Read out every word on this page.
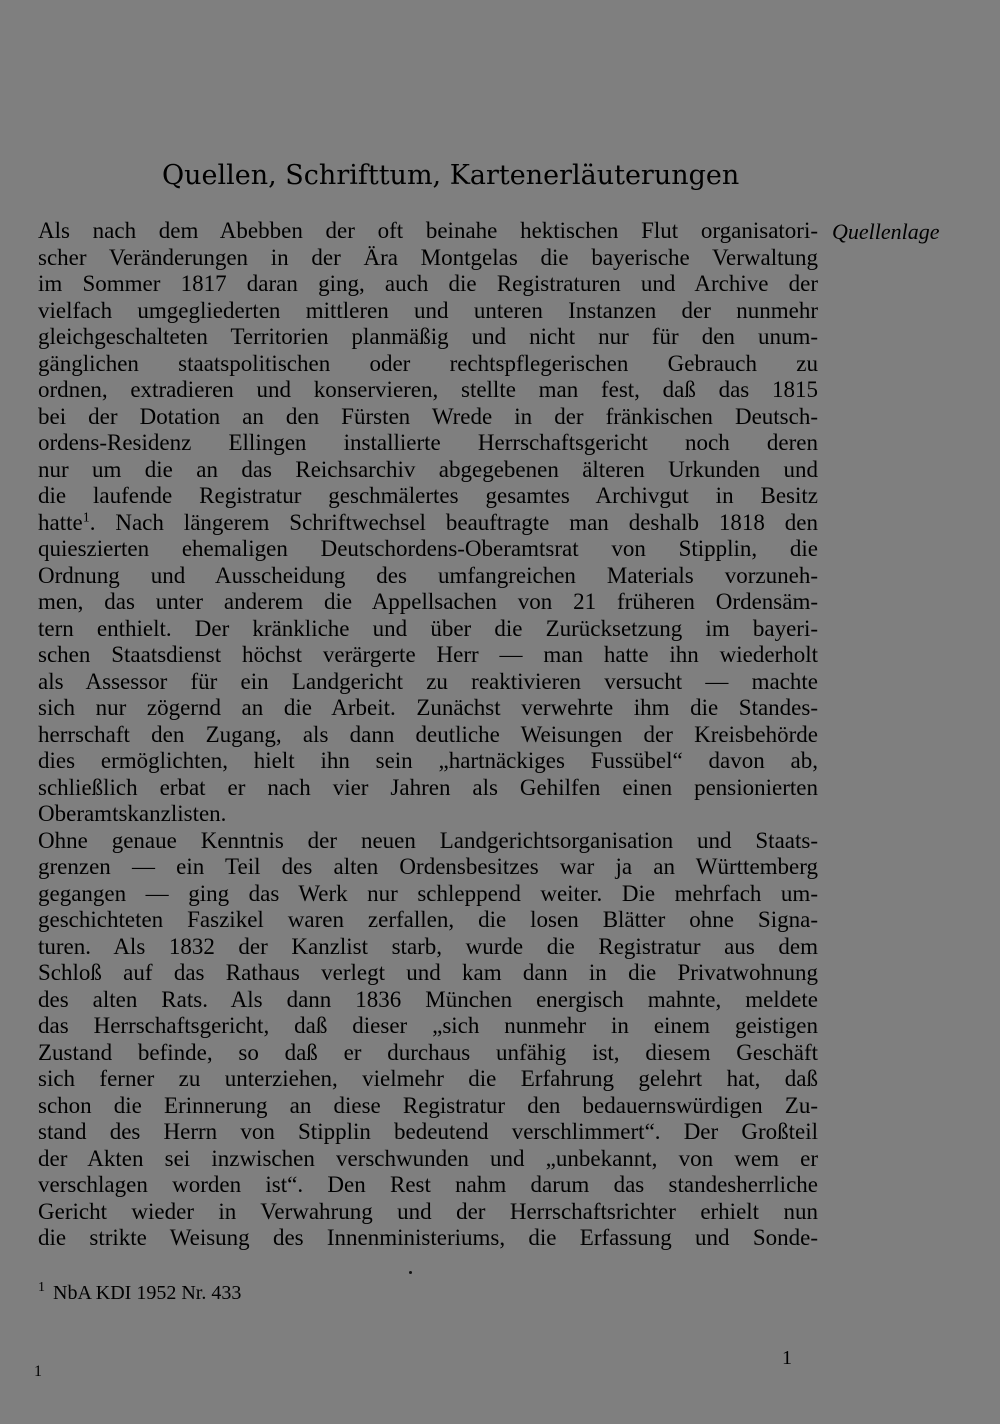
Quellen, Schrifttum, Kartenerläuterungen
Quellenlage
Als nach dem Abebben der oft beinahe hektischen Flut organisatori-
scher Veränderungen in der Ära Montgelas die bayerische Verwaltung
im Sommer 1817 daran ging, auch die Registraturen und Archive der
vielfach umgegliederten mittleren und unteren Instanzen der nunmehr
gleichgeschalteten Territorien planmäßig und nicht nur für den unum-
gänglichen staatspolitischen oder rechtspflegerischen Gebrauch zu
ordnen, extradieren und konservieren, stellte man fest, daß das 1815
bei der Dotation an den Fürsten Wrede in der fränkischen Deutsch-
ordens-Residenz Ellingen installierte Herrschaftsgericht noch deren
nur um die an das Reichsarchiv abgegebenen älteren Urkunden und
die laufende Registratur geschmälertes gesamtes Archivgut in Besitz
hatte$^1$. Nach längerem Schriftwechsel beauftragte man deshalb 1818 den
quieszierten ehemaligen Deutschordens-Oberamtsrat von Stipplin, die
Ordnung und Ausscheidung des umfangreichen Materials vorzuneh-
men, das unter anderem die Appellsachen von 21 früheren Ordensäm-
tern enthielt. Der kränkliche und über die Zurücksetzung im bayeri-
schen Staatsdienst höchst verärgerte Herr — man hatte ihn wiederholt
als Assessor für ein Landgericht zu reaktivieren versucht — machte
sich nur zögernd an die Arbeit. Zunächst verwehrte ihm die Standes-
herrschaft den Zugang, als dann deutliche Weisungen der Kreisbehörde
dies ermöglichten, hielt ihn sein „hartnäckiges Fussübel“ davon ab,
schließlich erbat er nach vier Jahren als Gehilfen einen pensionierten
Oberamtskanzlisten.
Ohne genaue Kenntnis der neuen Landgerichtsorganisation und Staats-
grenzen — ein Teil des alten Ordensbesitzes war ja an Württemberg
gegangen — ging das Werk nur schleppend weiter. Die mehrfach um-
geschichteten Faszikel waren zerfallen, die losen Blätter ohne Signa-
turen. Als 1832 der Kanzlist starb, wurde die Registratur aus dem
Schloß auf das Rathaus verlegt und kam dann in die Privatwohnung
des alten Rats. Als dann 1836 München energisch mahnte, meldete
das Herrschaftsgericht, daß dieser „sich nunmehr in einem geistigen
Zustand befinde, so daß er durchaus unfähig ist, diesem Geschäft
sich ferner zu unterziehen, vielmehr die Erfahrung gelehrt hat, daß
schon die Erinnerung an diese Registratur den bedauernswürdigen Zu-
stand des Herrn von Stipplin bedeutend verschlimmert“. Der Großteil
der Akten sei inzwischen verschwunden und „unbekannt, von wem er
verschlagen worden ist“. Den Rest nahm darum das standesherrliche
Gericht wieder in Verwahrung und der Herrschaftsrichter erhielt nun
die strikte Weisung des Innenministeriums, die Erfassung und Sonde-
$^1$ NbA KDI 1952 Nr. 433
1
1
